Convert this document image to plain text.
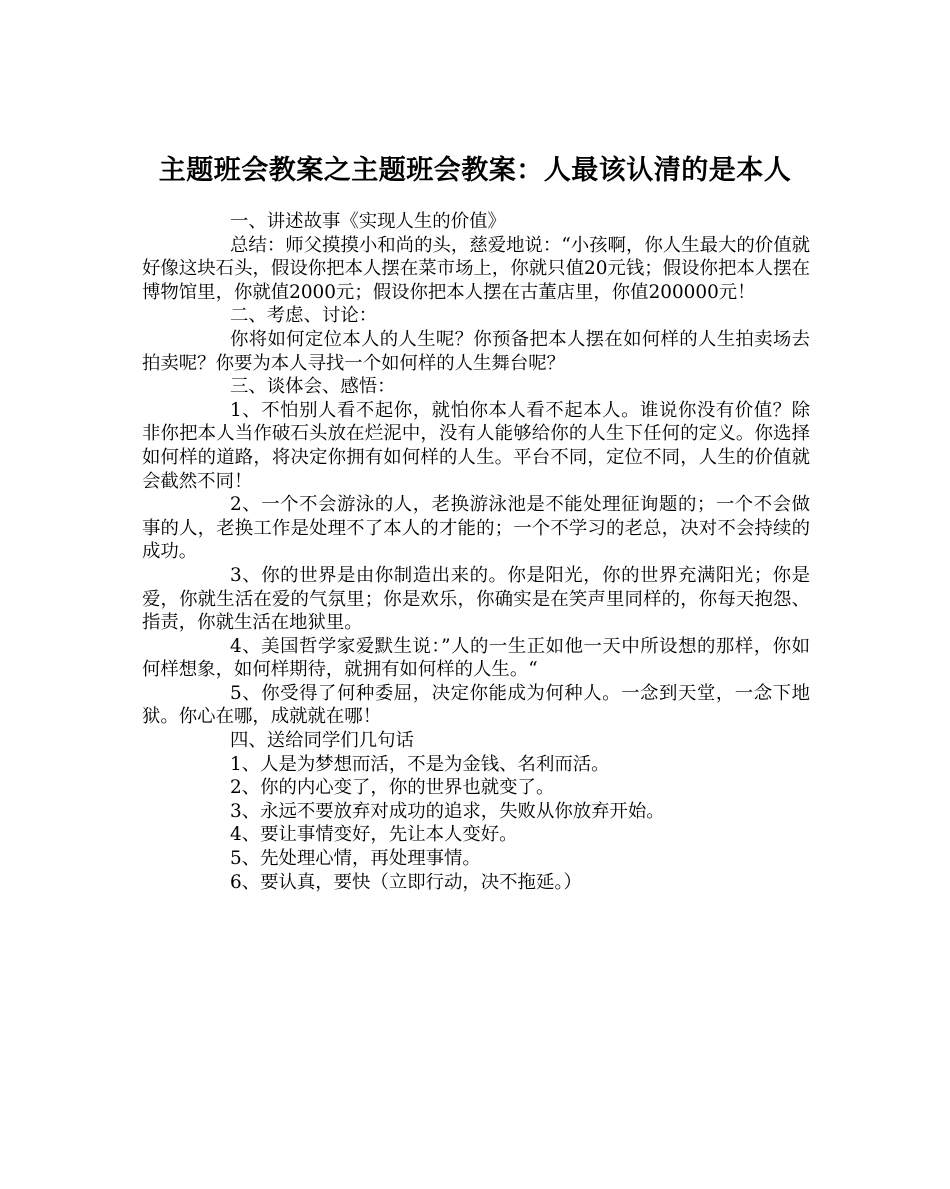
主题班会教案之主题班会教案：人最该认清的是本人

一、讲述故事《实现人生的价值》

总结：师父摸摸小和尚的头，慈爱地说：“小孩啊，你人生最大的价值就好像这块石头，假设你把本人摆在菜市场上，你就只值20元钱；假设你把本人摆在博物馆里，你就值2000元；假设你把本人摆在古董店里，你值200000元！

二、考虑、讨论：

你将如何定位本人的人生呢？你预备把本人摆在如何样的人生拍卖场去拍卖呢？你要为本人寻找一个如何样的人生舞台呢？

三、谈体会、感悟：

1、不怕别人看不起你，就怕你本人看不起本人。谁说你没有价值？除非你把本人当作破石头放在烂泥中，没有人能够给你的人生下任何的定义。你选择如何样的道路，将决定你拥有如何样的人生。平台不同，定位不同，人生的价值就会截然不同！

2、一个不会游泳的人，老换游泳池是不能处理征询题的；一个不会做事的人，老换工作是处理不了本人的才能的；一个不学习的老总，决对不会持续的成功。

3、你的世界是由你制造出来的。你是阳光，你的世界充满阳光；你是爱，你就生活在爱的气氛里；你是欢乐，你确实是在笑声里同样的，你每天抱怨、指责，你就生活在地狱里。

4、美国哲学家爱默生说：”人的一生正如他一天中所设想的那样，你如何样想象，如何样期待，就拥有如何样的人生。“

5、你受得了何种委屈，决定你能成为何种人。一念到天堂，一念下地狱。你心在哪，成就就在哪！

四、送给同学们几句话

1、人是为梦想而活，不是为金钱、名利而活。

2、你的内心变了，你的世界也就变了。

3、永远不要放弃对成功的追求，失败从你放弃开始。

4、要让事情变好，先让本人变好。

5、先处理心情，再处理事情。

6、要认真，要快（立即行动，决不拖延。）
